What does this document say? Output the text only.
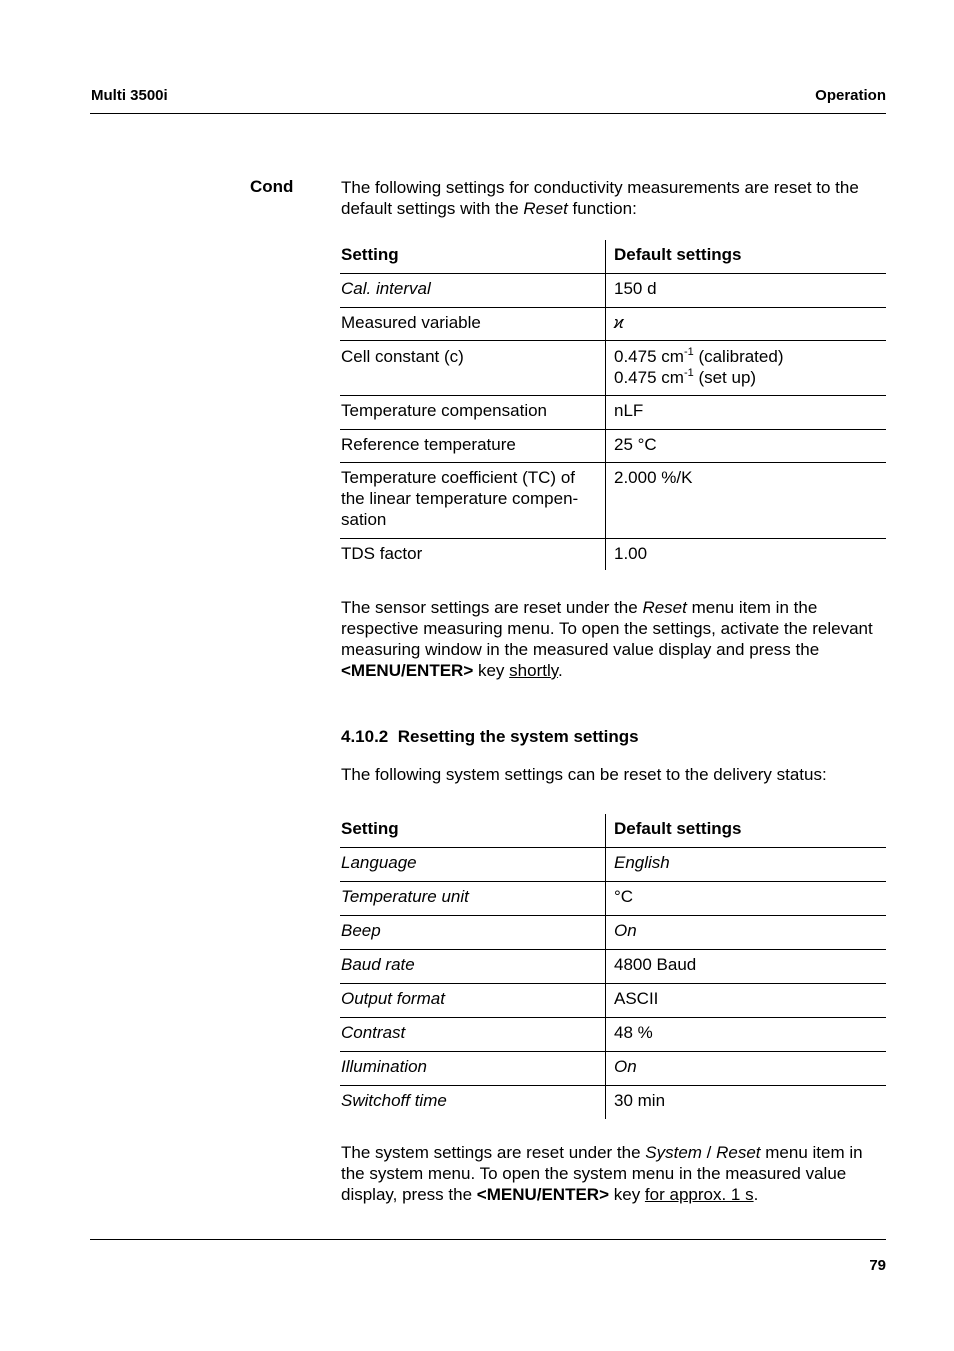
Multi 3500i	Operation
Cond	The following settings for conductivity measurements are reset to the default settings with the Reset function:
Setting	Default settings
Cal. interval	150 d
Measured variable	ϰ
Cell constant (c)	0.475 $cm^{-1}$ (calibrated)
0.475 $cm^{-1}$ (set up)

Temperature compensation	nLF
Reference temperature	25 °C

Temperature coefficient (TC) of
the linear temperature compen-
sation	2.000 %/K
TDS factor	1.00
The sensor settings are reset under the Reset menu item in the respective measuring menu. To open the settings, activate the relevant measuring window in the measured value display and press the <MENU/ENTER> key shortly.
4.10.2 Resetting the system settings
The following system settings can be reset to the delivery status:
Setting	Default settings
Language	English
Temperature unit	°C
Beep	On
Baud rate	4800 Baud
Output format	ASCII
Contrast	48 %
Illumination	On
Switchoff time	30 min
The system settings are reset under the System / Reset menu item in the system menu. To open the system menu in the measured value display, press the <MENU/ENTER> key for approx. 1 s.
79
